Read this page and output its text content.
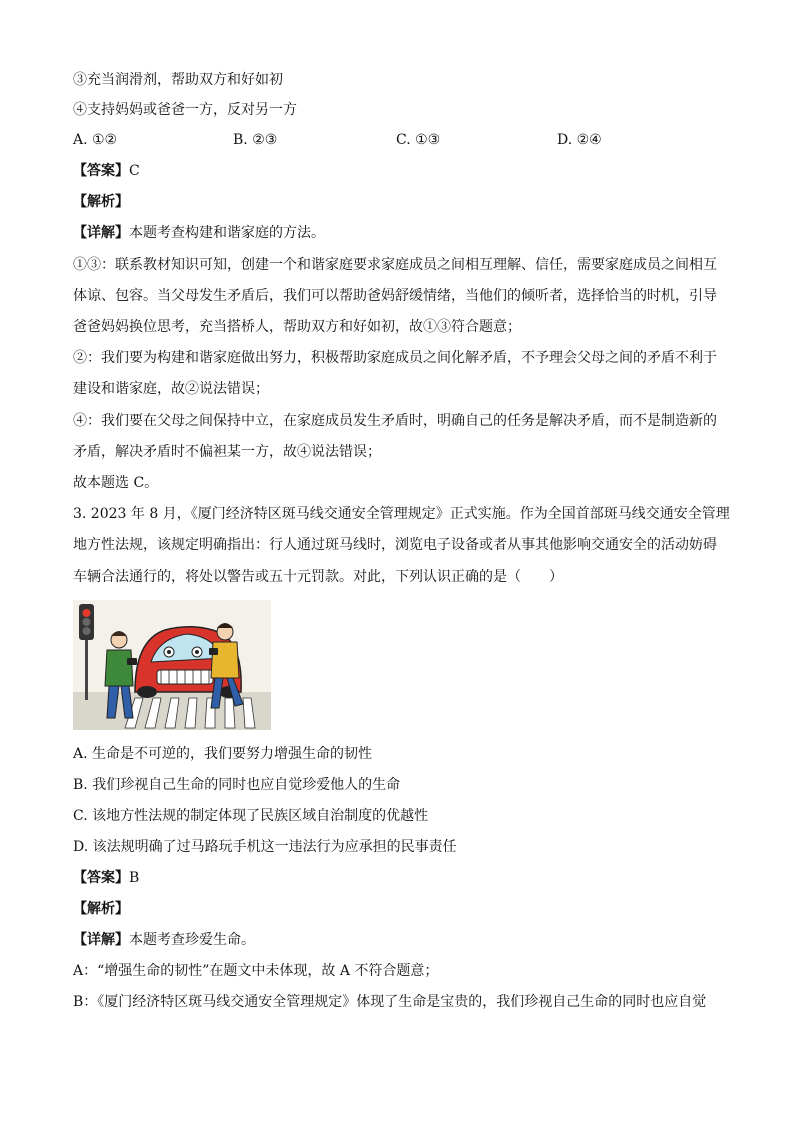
③充当润滑剂，帮助双方和好如初
④支持妈妈或爸爸一方，反对另一方
A. ①②	B. ②③	C. ①③	D. ②④
【答案】C
【解析】
【详解】本题考查构建和谐家庭的方法。
①③：联系教材知识可知，创建一个和谐家庭要求家庭成员之间相互理解、信任，需要家庭成员之间相互
体谅、包容。当父母发生矛盾后，我们可以帮助爸妈舒缓情绪，当他们的倾听者，选择恰当的时机，引导
爸爸妈妈换位思考，充当搭桥人，帮助双方和好如初，故①③符合题意；
②：我们要为构建和谐家庭做出努力，积极帮助家庭成员之间化解矛盾，不予理会父母之间的矛盾不利于
建设和谐家庭，故②说法错误；
④：我们要在父母之间保持中立，在家庭成员发生矛盾时，明确自己的任务是解决矛盾，而不是制造新的
矛盾，解决矛盾时不偏袒某一方，故④说法错误；
故本题选 C。
3. 2023 年 8 月，《厦门经济特区斑马线交通安全管理规定》正式实施。作为全国首部斑马线交通安全管理
地方性法规，该规定明确指出：行人通过斑马线时，浏览电子设备或者从事其他影响交通安全的活动妨碍
车辆合法通行的，将处以警告或五十元罚款。对此，下列认识正确的是（　　）
A. 生命是不可逆的，我们要努力增强生命的韧性
B. 我们珍视自己生命的同时也应自觉珍爱他人的生命
C. 该地方性法规的制定体现了民族区域自治制度的优越性
D. 该法规明确了过马路玩手机这一违法行为应承担的民事责任
【答案】B
【解析】
【详解】本题考查珍爱生命。
A：“增强生命的韧性”在题文中未体现，故 A 不符合题意；
B：《厦门经济特区斑马线交通安全管理规定》体现了生命是宝贵的，我们珍视自己生命的同时也应自觉
